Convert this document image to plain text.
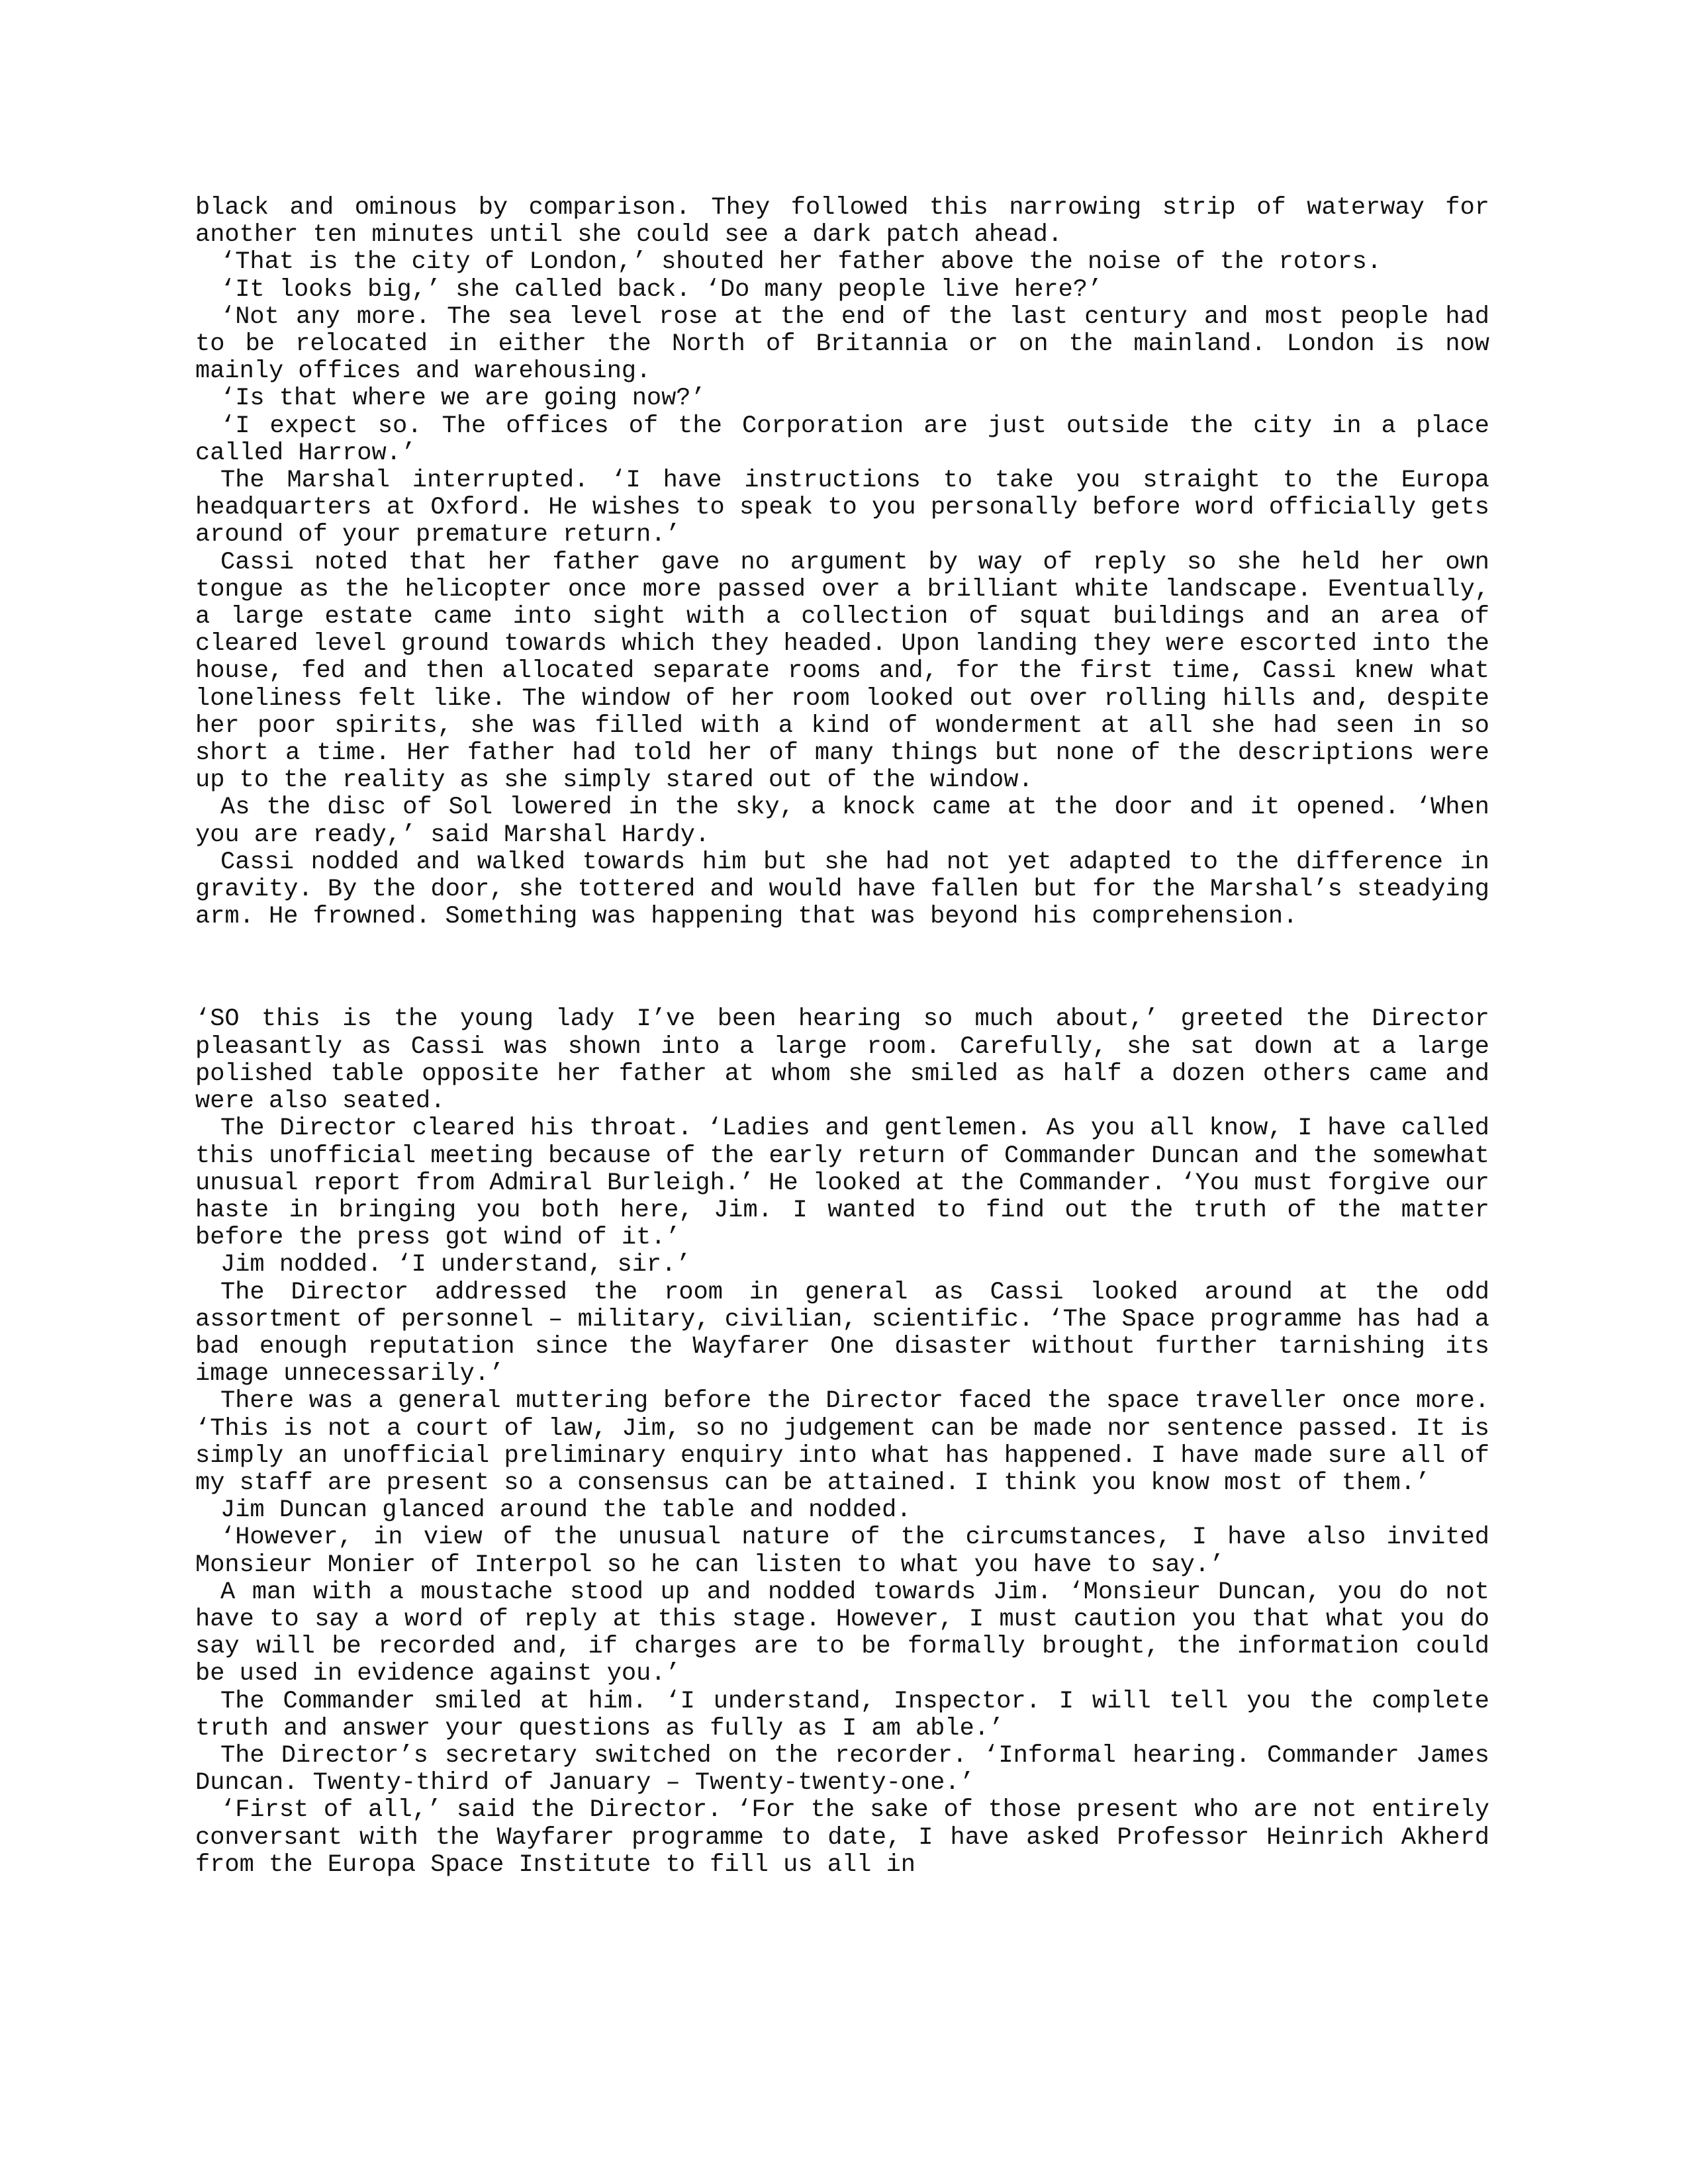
black and ominous by comparison. They followed this narrowing strip of waterway for another ten minutes until she could see a dark patch ahead.

‘That is the city of London,’ shouted her father above the noise of the rotors.

‘It looks big,’ she called back. ‘Do many people live here?’

‘Not any more. The sea level rose at the end of the last century and most people had to be relocated in either the North of Britannia or on the mainland. London is now mainly offices and warehousing.

‘Is that where we are going now?’

‘I expect so. The offices of the Corporation are just outside the city in a place called Harrow.’

The Marshal interrupted. ‘I have instructions to take you straight to the Europa headquarters at Oxford. He wishes to speak to you personally before word officially gets around of your premature return.’

Cassi noted that her father gave no argument by way of reply so she held her own tongue as the helicopter once more passed over a brilliant white landscape. Eventually, a large estate came into sight with a collection of squat buildings and an area of cleared level ground towards which they headed. Upon landing they were escorted into the house, fed and then allocated separate rooms and, for the first time, Cassi knew what loneliness felt like. The window of her room looked out over rolling hills and, despite her poor spirits, she was filled with a kind of wonderment at all she had seen in so short a time. Her father had told her of many things but none of the descriptions were up to the reality as she simply stared out of the window.

As the disc of Sol lowered in the sky, a knock came at the door and it opened. ‘When you are ready,’ said Marshal Hardy.

Cassi nodded and walked towards him but she had not yet adapted to the difference in gravity. By the door, she tottered and would have fallen but for the Marshal’s steadying arm. He frowned. Something was happening that was beyond his comprehension.

‘SO this is the young lady I’ve been hearing so much about,’ greeted the Director pleasantly as Cassi was shown into a large room. Carefully, she sat down at a large polished table opposite her father at whom she smiled as half a dozen others came and were also seated.

The Director cleared his throat. ‘Ladies and gentlemen. As you all know, I have called this unofficial meeting because of the early return of Commander Duncan and the somewhat unusual report from Admiral Burleigh.’ He looked at the Commander. ‘You must forgive our haste in bringing you both here, Jim. I wanted to find out the truth of the matter before the press got wind of it.’

Jim nodded. ‘I understand, sir.’

The Director addressed the room in general as Cassi looked around at the odd assortment of personnel – military, civilian, scientific. ‘The Space programme has had a bad enough reputation since the Wayfarer One disaster without further tarnishing its image unnecessarily.’

There was a general muttering before the Director faced the space traveller once more. ‘This is not a court of law, Jim, so no judgement can be made nor sentence passed. It is simply an unofficial preliminary enquiry into what has happened. I have made sure all of my staff are present so a consensus can be attained. I think you know most of them.’

Jim Duncan glanced around the table and nodded.

‘However, in view of the unusual nature of the circumstances, I have also invited Monsieur Monier of Interpol so he can listen to what you have to say.’

A man with a moustache stood up and nodded towards Jim. ‘Monsieur Duncan, you do not have to say a word of reply at this stage. However, I must caution you that what you do say will be recorded and, if charges are to be formally brought, the information could be used in evidence against you.’

The Commander smiled at him. ‘I understand, Inspector. I will tell you the complete truth and answer your questions as fully as I am able.’

The Director’s secretary switched on the recorder. ‘Informal hearing. Commander James Duncan. Twenty-third of January – Twenty-twenty-one.’

‘First of all,’ said the Director. ‘For the sake of those present who are not entirely conversant with the Wayfarer programme to date, I have asked Professor Heinrich Akherd from the Europa Space Institute to fill us all in
